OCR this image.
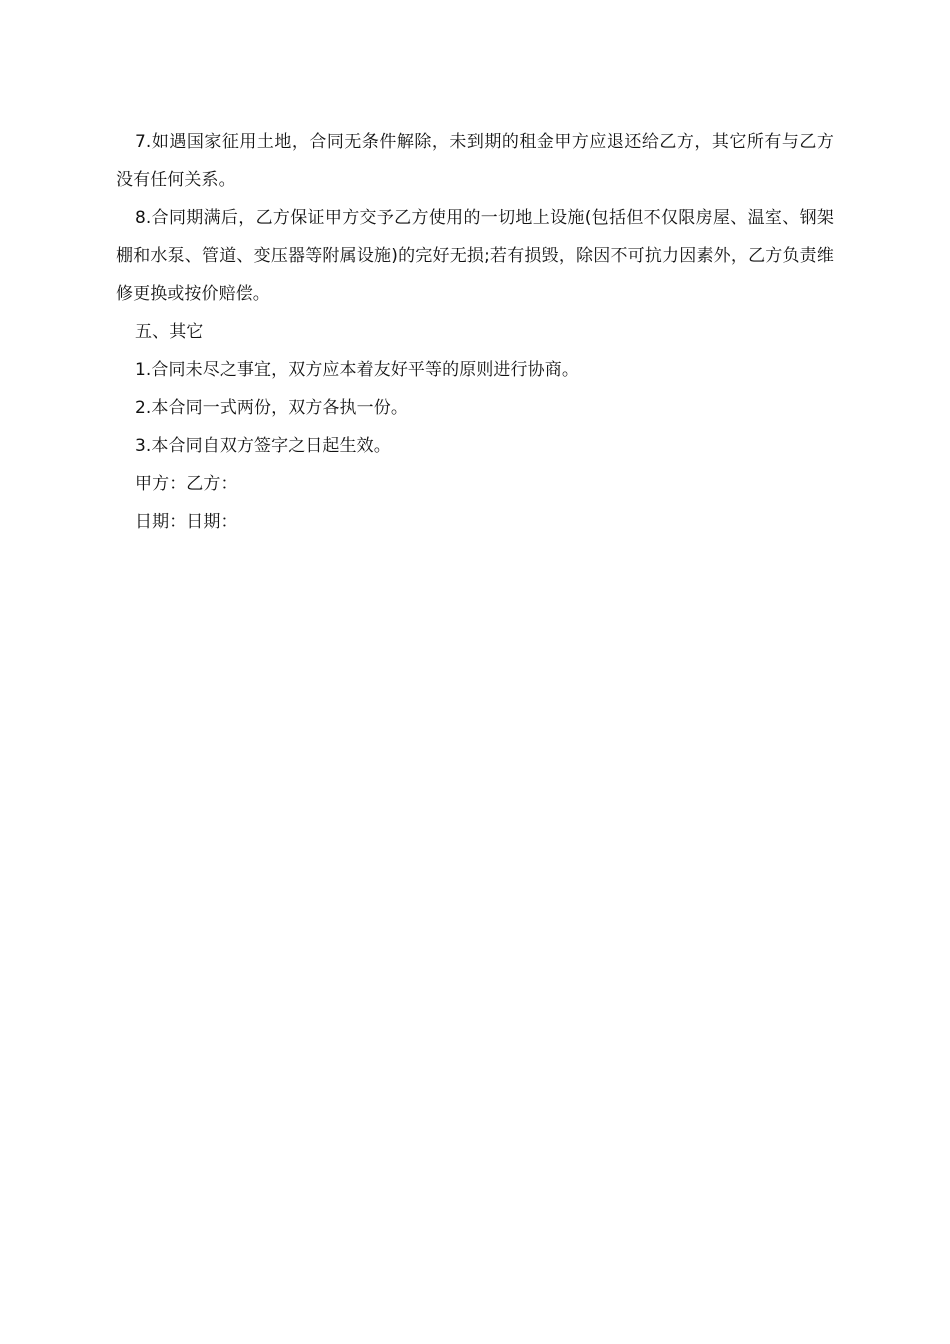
7.如遇国家征用土地，合同无条件解除，未到期的租金甲方应退还给乙方，其它所有与乙方没有任何关系。

8.合同期满后，乙方保证甲方交予乙方使用的一切地上设施(包括但不仅限房屋、温室、钢架棚和水泵、管道、变压器等附属设施)的完好无损;若有损毁，除因不可抗力因素外，乙方负责维修更换或按价赔偿。

五、其它

1.合同未尽之事宜，双方应本着友好平等的原则进行协商。

2.本合同一式两份，双方各执一份。

3.本合同自双方签字之日起生效。

甲方：乙方：

日期：日期：
